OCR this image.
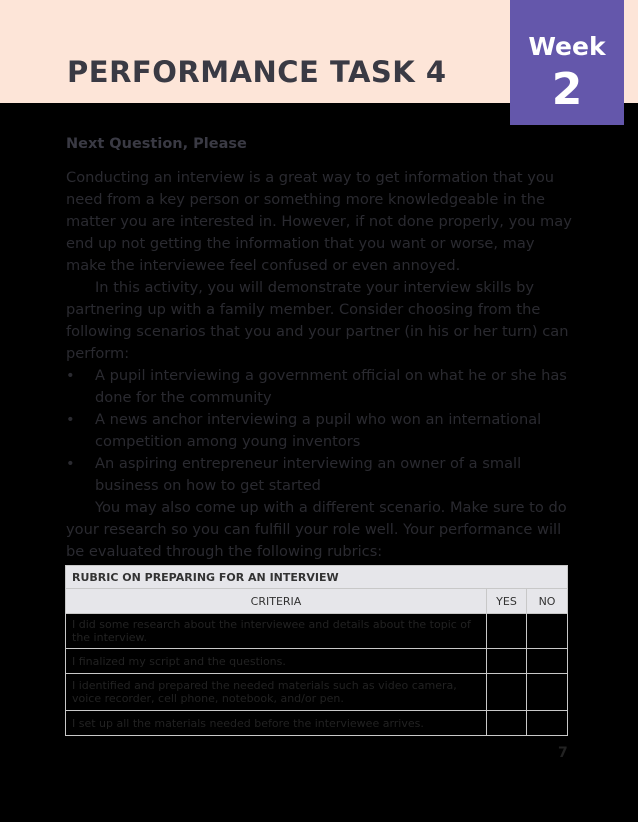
PERFORMANCE TASK 4
Week
2
Next Question, Please

Conducting an interview is a great way to get information that you need from a key person or something more knowledgeable in the matter you are interested in. However, if not done properly, you may end up not getting the information that you want or worse, may make the interviewee feel confused or even annoyed.

In this activity, you will demonstrate your interview skills by partnering up with a family member. Consider choosing from the following scenarios that you and your partner (in his or her turn) can perform:

• A pupil interviewing a government official on what he or she has done for the community

• A news anchor interviewing a pupil who won an international competition among young inventors

• An aspiring entrepreneur interviewing an owner of a small business on how to get started

You may also come up with a different scenario. Make sure to do your research so you can fulfill your role well. Your performance will be evaluated through the following rubrics:

RUBRIC ON PREPARING FOR AN INTERVIEW		
CRITERIA	YES	NO
I did some research about the interviewee and details about the topic of the interview.		
I finalized my script and the questions.		
I identified and prepared the needed materials such as video camera, voice recorder, cell phone, notebook, and/or pen.		
I set up all the materials needed before the interviewee arrives.		
7
